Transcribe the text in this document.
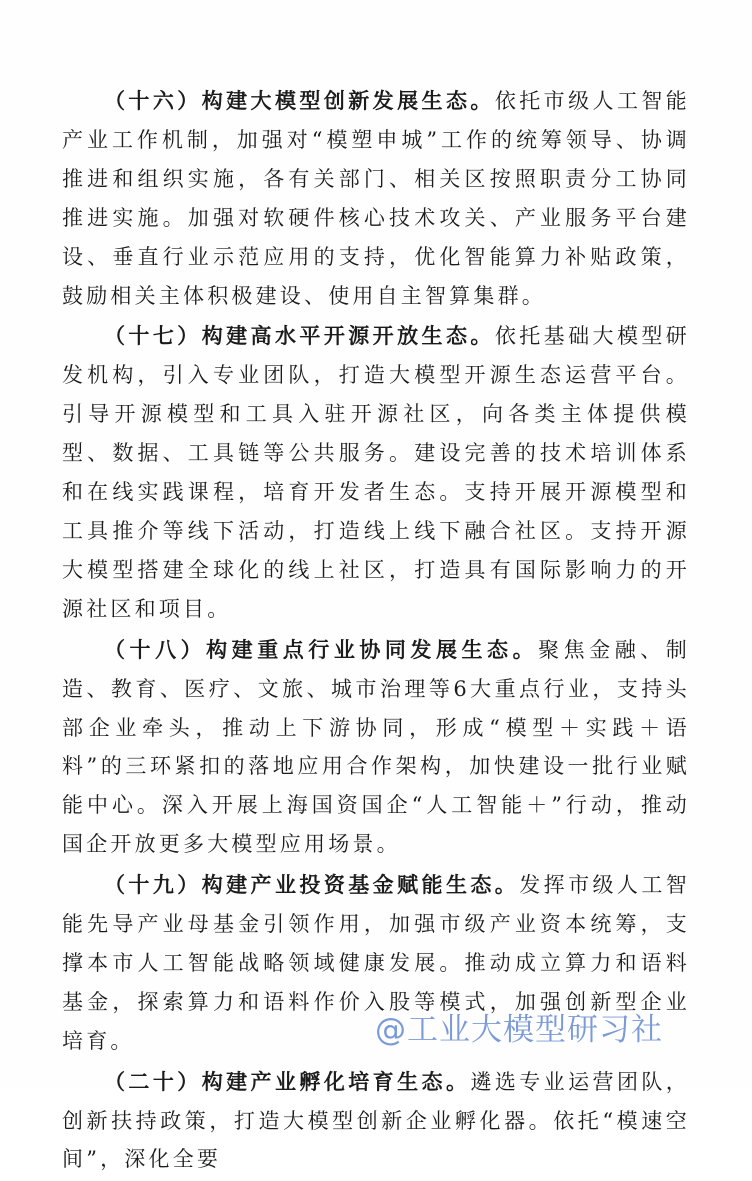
（十六）构建大模型创新发展生态。依托市级人工智能产业工作机制，加强对“模塑申城”工作的统筹领导、协调推进和组织实施，各有关部门、相关区按照职责分工协同推进实施。加强对软硬件核心技术攻关、产业服务平台建设、垂直行业示范应用的支持，优化智能算力补贴政策，鼓励相关主体积极建设、使用自主智算集群。

（十七）构建高水平开源开放生态。依托基础大模型研发机构，引入专业团队，打造大模型开源生态运营平台。引导开源模型和工具入驻开源社区，向各类主体提供模型、数据、工具链等公共服务。建设完善的技术培训体系和在线实践课程，培育开发者生态。支持开展开源模型和工具推介等线下活动，打造线上线下融合社区。支持开源大模型搭建全球化的线上社区，打造具有国际影响力的开源社区和项目。

（十八）构建重点行业协同发展生态。聚焦金融、制造、教育、医疗、文旅、城市治理等6大重点行业，支持头部企业牵头，推动上下游协同，形成“模型＋实践＋语料”的三环紧扣的落地应用合作架构，加快建设一批行业赋能中心。深入开展上海国资国企“人工智能＋”行动，推动国企开放更多大模型应用场景。

（十九）构建产业投资基金赋能生态。发挥市级人工智能先导产业母基金引领作用，加强市级产业资本统筹，支撑本市人工智能战略领域健康发展。推动成立算力和语料基金，探索算力和语料作价入股等模式，加强创新型企业培育。

（二十）构建产业孵化培育生态。遴选专业运营团队，创新扶持政策，打造大模型创新企业孵化器。依托“模速空间”，深化全要

@工业大模型研习社
